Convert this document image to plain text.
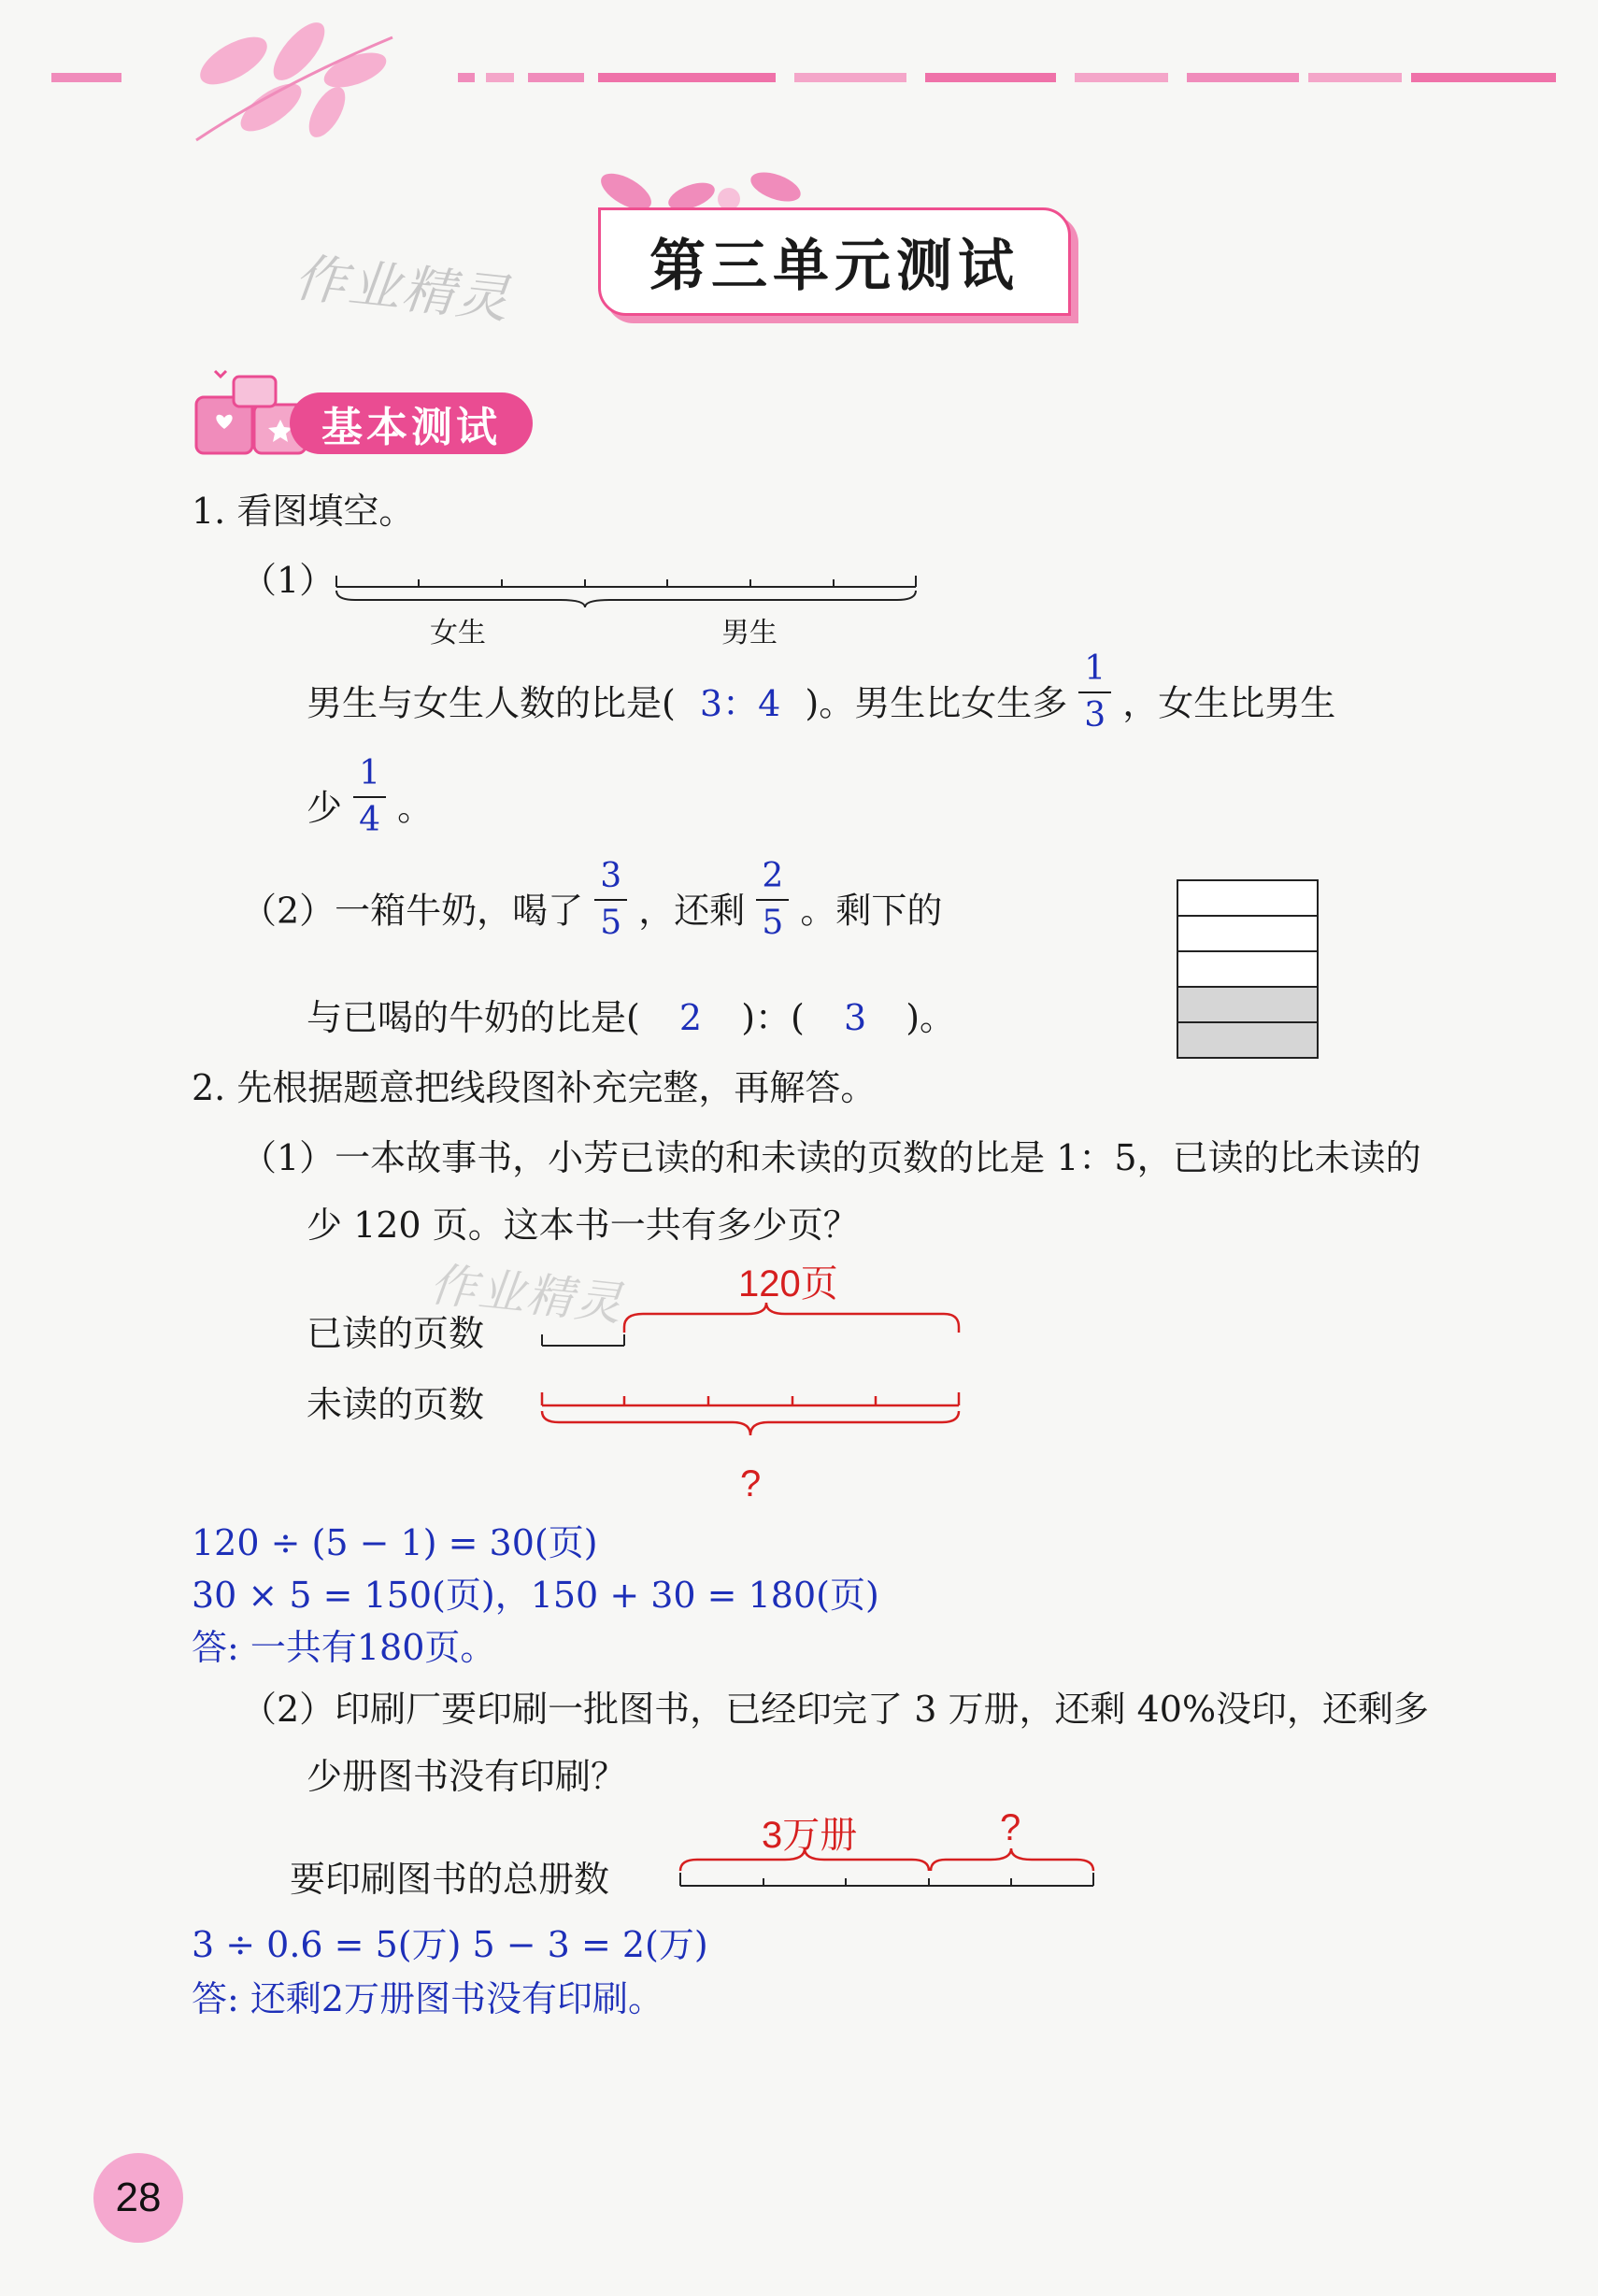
第三单元测试
作业精灵
基本测试
1. 看图填空。
（1）
女生	男生
男生与女生人数的比是( 3：4 )。男生比女生多 $\frac{1}{3}$ ，女生比男生
少 $\frac{1}{4}$ 。
（2）一箱牛奶，喝了 $\frac{3}{5}$ ，还剩 $\frac{2}{5}$ 。剩下的
与已喝的牛奶的比是( 2 )：( 3 )。
2. 先根据题意把线段图补充完整，再解答。
（1）一本故事书，小芳已读的和未读的页数的比是 1：5，已读的比未读的
少 120 页。这本书一共有多少页？
已读的页数
未读的页数
120页
?
作业精灵
120 ÷ (5 − 1) = 30(页)
30 × 5 = 150(页)，150 + 30 = 180(页)
答: 一共有180页。
（2）印刷厂要印刷一批图书，已经印完了 3 万册，还剩 40%没印，还剩多
少册图书没有印刷？
要印刷图书的总册数
3万册	?
3 ÷ 0.6 = 5(万) 5 − 3 = 2(万)
答: 还剩2万册图书没有印刷。
28
